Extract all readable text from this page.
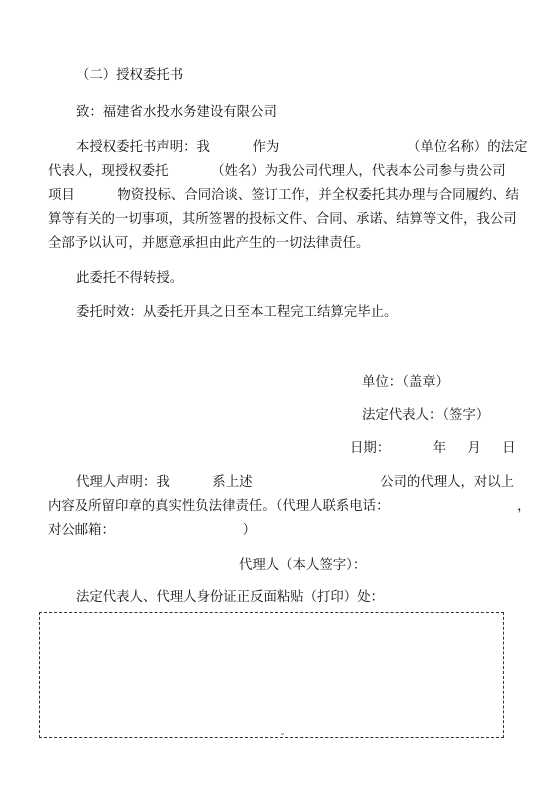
（二）授权委托书
致：福建省水投水务建设有限公司
本授权委托书声明：我          作为                              （单位名称）的法定
代表人，现授权委托          （姓名）为我公司代理人，代表本公司参与贵公司
项目          物资投标、合同洽谈、签订工作，并全权委托其办理与合同履约、结
算等有关的一切事项，其所签署的投标文件、合同、承诺、结算等文件，我公司
全部予以认可，并愿意承担由此产生的一切法律责任。
此委托不得转授。
委托时效：从委托开具之日至本工程完工结算完毕止。
单位：（盖章）
法定代表人：（签字）
日期：          年     月     日
代理人声明：我          系上述                              公司的代理人，对以上
内容及所留印章的真实性负法律责任。（代理人联系电话：                              ，
对公邮箱：                              ）
代理人（本人签字）：
法定代表人、代理人身份证正反面粘贴（打印）处：
˘
